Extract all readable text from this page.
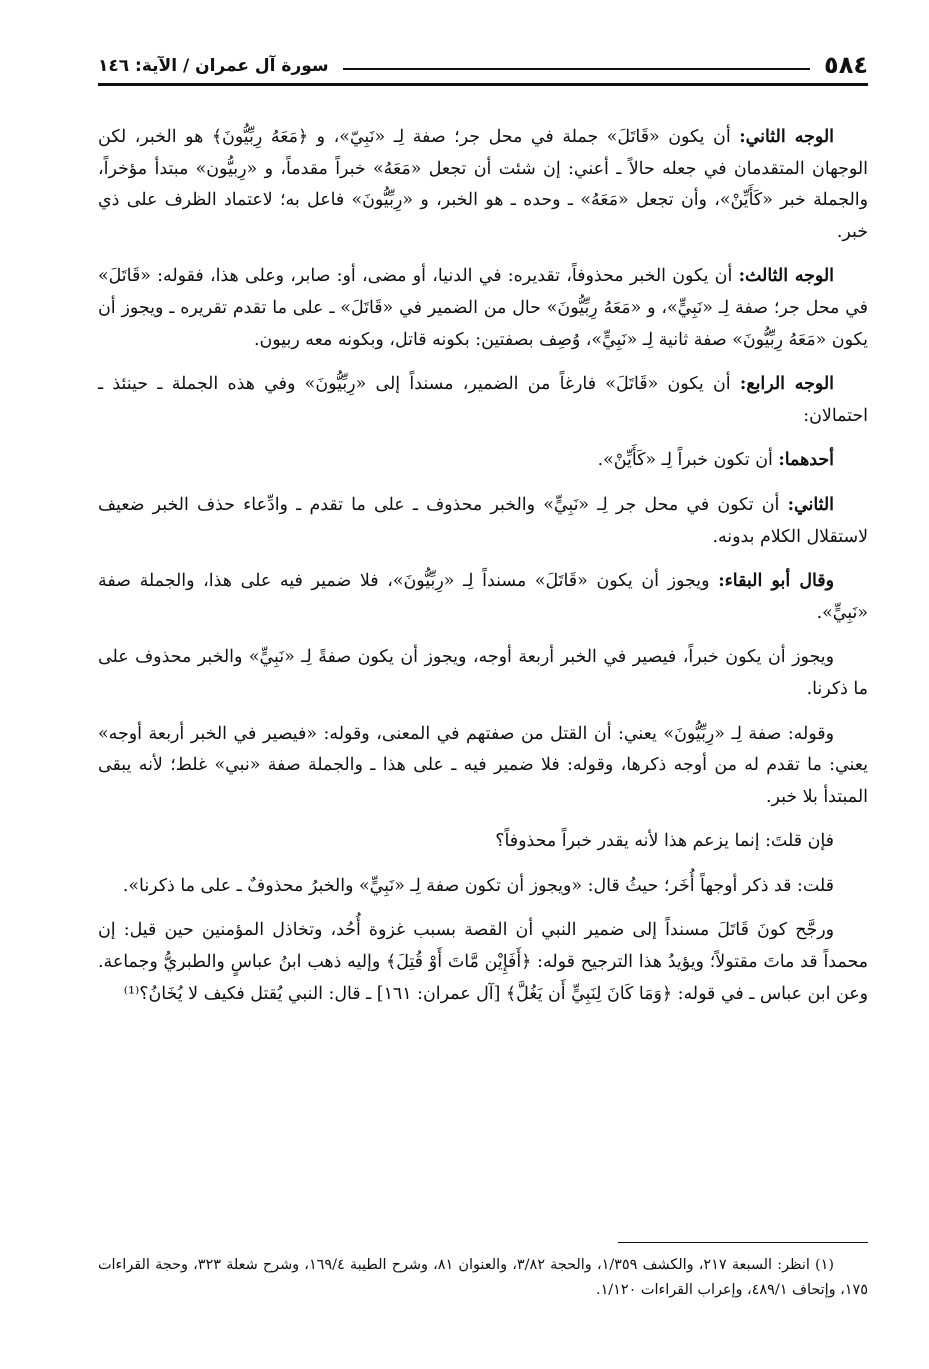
٥٨٤
سورة آل عمران / الآية: ١٤٦

الوجه الثاني: أن يكون «قَاتَلَ» جملة في محل جر؛ صفة لِـ «نَبِيّ»، و ﴿مَعَهُ رِبِّيُّونَ﴾ هو الخبر، لكن الوجهان المتقدمان في جعله حالاً ـ أعني: إن شئت أن تجعل «مَعَهُ» خبراً مقدماً، و «رِبيُّون» مبتدأ مؤخراً، والجملة خبر «كَأَيِّنْ»، وأن تجعل «مَعَهُ» ـ وحده ـ هو الخبر، و «رِبِّيُّونَ» فاعل به؛ لاعتماد الظرف على ذي خبر.

الوجه الثالث: أن يكون الخبر محذوفاً، تقديره: في الدنيا، أو مضى، أو: صابر، وعلى هذا، فقوله: «قَاتَلَ» في محل جر؛ صفة لِـ «نَبِيٍّ»، و «مَعَهُ رِبِّيُّونَ» حال من الضمير في «قَاتَلَ» ـ على ما تقدم تقريره ـ ويجوز أن يكون «مَعَهُ رِبِّيُّونَ» صفة ثانية لِـ «نَبِيٍّ»، وُصِف بصفتين: بكونه قاتل، وبكونه معه ربيون.

الوجه الرابع: أن يكون «قَاتَلَ» فارغاً من الضمير، مسنداً إلى «رِبِّيُّونَ» وفي هذه الجملة ـ حينئذ ـ احتمالان:

أحدهما: أن تكون خبراً لِـ «كَأَيِّنْ».

الثاني: أن تكون في محل جر لِـ «نَبِيٍّ» والخبر محذوف ـ على ما تقدم ـ وادِّعاء حذف الخبر ضعيف لاستقلال الكلام بدونه.

وقال أبو البقاء: ويجوز أن يكون «قَاتَلَ» مسنداً لِـ «رِبِّيُّونَ»، فلا ضمير فيه على هذا، والجملة صفة «نَبِيٍّ».

ويجوز أن يكون خبراً، فيصير في الخبر أربعة أوجه، ويجوز أن يكون صفةً لِـ «نَبِيٍّ» والخبر محذوف على ما ذكرنا.

وقوله: صفة لِـ «رِبِّيُّونَ» يعني: أن القتل من صفتهم في المعنى، وقوله: «فيصير في الخبر أربعة أوجه» يعني: ما تقدم له من أوجه ذكرها، وقوله: فلا ضمير فيه ـ على هذا ـ والجملة صفة «نبي» غلط؛ لأنه يبقى المبتدأ بلا خبر.

فإن قلتَ: إنما يزعم هذا لأنه يقدر خبراً محذوفاً؟

قلت: قد ذكر أوجهاً أُخَر؛ حيثُ قال: «ويجوز أن تكون صفة لِـ «نَبِيٍّ» والخبرُ محذوفٌ ـ على ما ذكرنا».

ورجَّح كونَ قَاتَلَ مسنداً إلى ضمير النبي أن القصة بسبب غزوة أُحُد، وتخاذل المؤمنين حين قيل: إن محمداً قد ماتَ مقتولاً؛ ويؤيدُ هذا الترجيح قوله: ﴿أَفَإِيْن مَّاتَ أَوْ قُتِلَ﴾ وإليه ذهب ابنُ عباسٍ والطبريُّ وجماعة. وعن ابن عباس ـ في قوله: ﴿وَمَا كَانَ لِنَبِيٍّ أَن يَغُلَّ﴾ [آل عمران: ١٦١] ـ قال: النبي يُقتل فكيف لا يُخَانُ؟⁽¹⁾

(١) انظر: السبعة ٢١٧، والكشف ١/٣٥٩، والحجة ٣/٨٢، والعنوان ٨١، وشرح الطيبة ١٦٩/٤، وشرح شعلة ٣٢٣، وحجة القراءات ١٧٥، وإتحاف ٤٨٩/١، وإعراب القراءات ١/١٢٠.
